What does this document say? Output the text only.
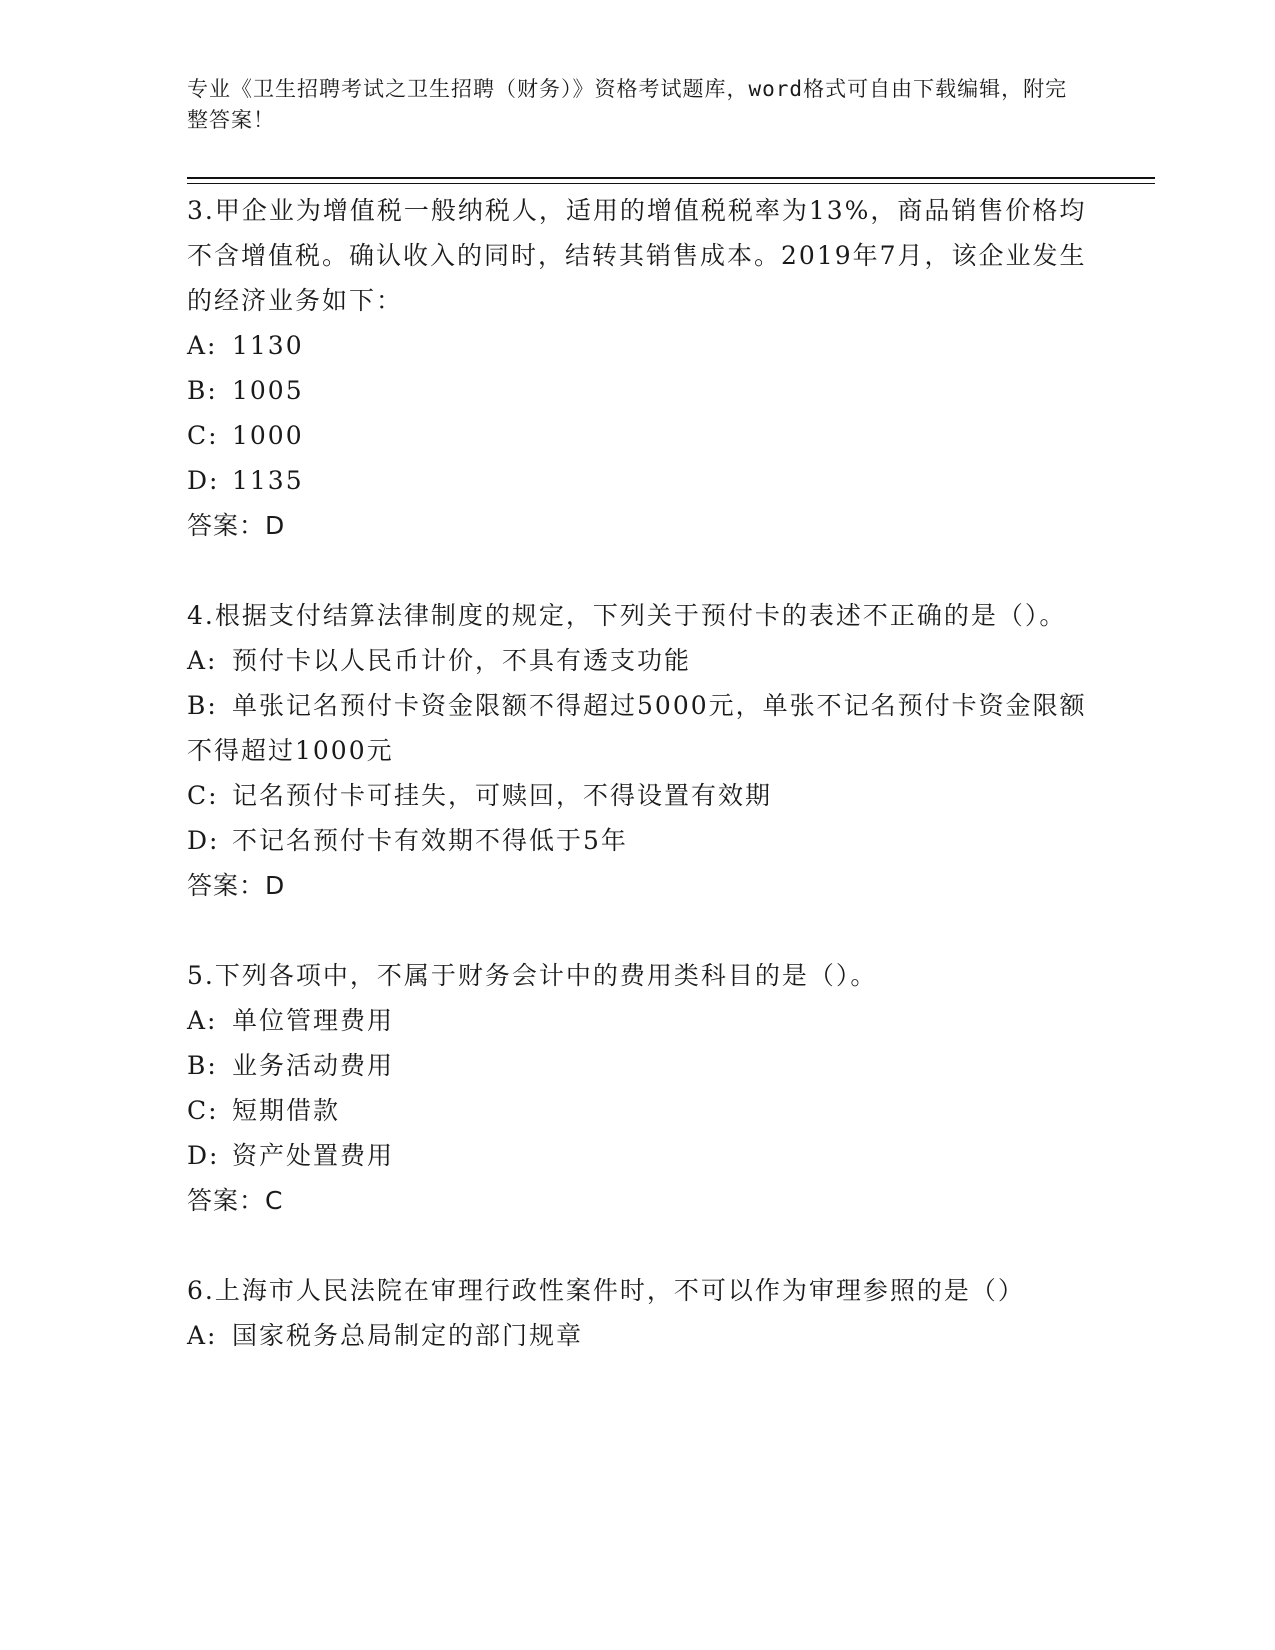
专业《卫生招聘考试之卫生招聘（财务）》资格考试题库，word格式可自由下载编辑，附完整答案！

3.甲企业为增值税一般纳税人，适用的增值税税率为13%，商品销售价格均不含增值税。确认收入的同时，结转其销售成本。2019年7月，该企业发生的经济业务如下：

A: 1130

B: 1005

C: 1000

D: 1135

答案：D

4.根据支付结算法律制度的规定，下列关于预付卡的表述不正确的是（）。

A: 预付卡以人民币计价，不具有透支功能

B: 单张记名预付卡资金限额不得超过5000元，单张不记名预付卡资金限额不得超过1000元

C: 记名预付卡可挂失，可赎回，不得设置有效期

D: 不记名预付卡有效期不得低于5年

答案：D

5.下列各项中，不属于财务会计中的费用类科目的是（）。

A: 单位管理费用

B: 业务活动费用

C: 短期借款

D: 资产处置费用

答案：C

6.上海市人民法院在审理行政性案件时，不可以作为审理参照的是（）

A: 国家税务总局制定的部门规章
